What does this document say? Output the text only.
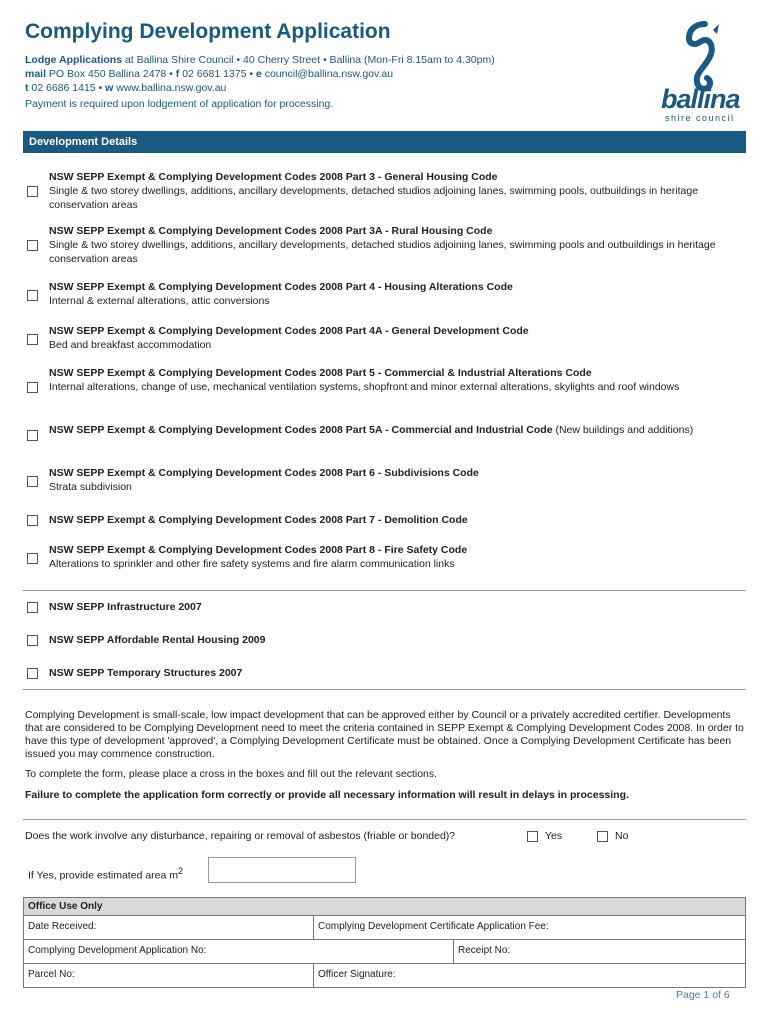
Complying Development Application
Lodge Applications at Ballina Shire Council • 40 Cherry Street • Ballina (Mon-Fri 8.15am to 4.30pm)
mail PO Box 450 Ballina 2478 • f 02 6681 1375 • e council@ballina.nsw.gov.au
t 02 6686 1415 • w www.ballina.nsw.gov.au
Payment is required upon lodgement of application for processing.	ballina
shire council
Development Details
NSW SEPP Exempt & Complying Development Codes 2008 Part 3 - General Housing Code
Single & two storey dwellings, additions, ancillary developments, detached studios adjoining lanes, swimming pools, outbuildings in heritage conservation areas
NSW SEPP Exempt & Complying Development Codes 2008 Part 3A - Rural Housing Code
Single & two storey dwellings, additions, ancillary developments, detached studios adjoining lanes, swimming pools and outbuildings in heritage conservation areas
NSW SEPP Exempt & Complying Development Codes 2008 Part 4 - Housing Alterations Code
Internal & external alterations, attic conversions
NSW SEPP Exempt & Complying Development Codes 2008 Part 4A - General Development Code
Bed and breakfast accommodation
NSW SEPP Exempt & Complying Development Codes 2008 Part 5 - Commercial & Industrial Alterations Code
Internal alterations, change of use, mechanical ventilation systems, shopfront and minor external alterations, skylights and roof windows
NSW SEPP Exempt & Complying Development Codes 2008 Part 5A - Commercial and Industrial Code (New buildings and additions)
NSW SEPP Exempt & Complying Development Codes 2008 Part 6 - Subdivisions Code
Strata subdivision
NSW SEPP Exempt & Complying Development Codes 2008 Part 7 - Demolition Code
NSW SEPP Exempt & Complying Development Codes 2008 Part 8 - Fire Safety Code
Alterations to sprinkler and other fire safety systems and fire alarm communication links
NSW SEPP Infrastructure 2007
NSW SEPP Affordable Rental Housing 2009
NSW SEPP Temporary Structures 2007
Complying Development is small-scale, low impact development that can be approved either by Council or a privately accredited certifier. Developments that are considered to be Complying Development need to meet the criteria contained in SEPP Exempt & Complying Development Codes 2008. In order to have this type of development 'approved', a Complying Development Certificate must be obtained. Once a Complying Development Certificate has been issued you may commence construction.
To complete the form, please place a cross in the boxes and fill out the relevant sections.
Failure to complete the application form correctly or provide all necessary information will result in delays in processing.
Does the work involve any disturbance, repairing or removal of asbestos (friable or bonded)?	Yes	No
If Yes, provide estimated area $m^2$
Office Use Only
Date Received:	Complying Development Certificate Application Fee:
Complying Development Application No:	Receipt No:
Parcel No:	Officer Signature:
Page 1 of 6
